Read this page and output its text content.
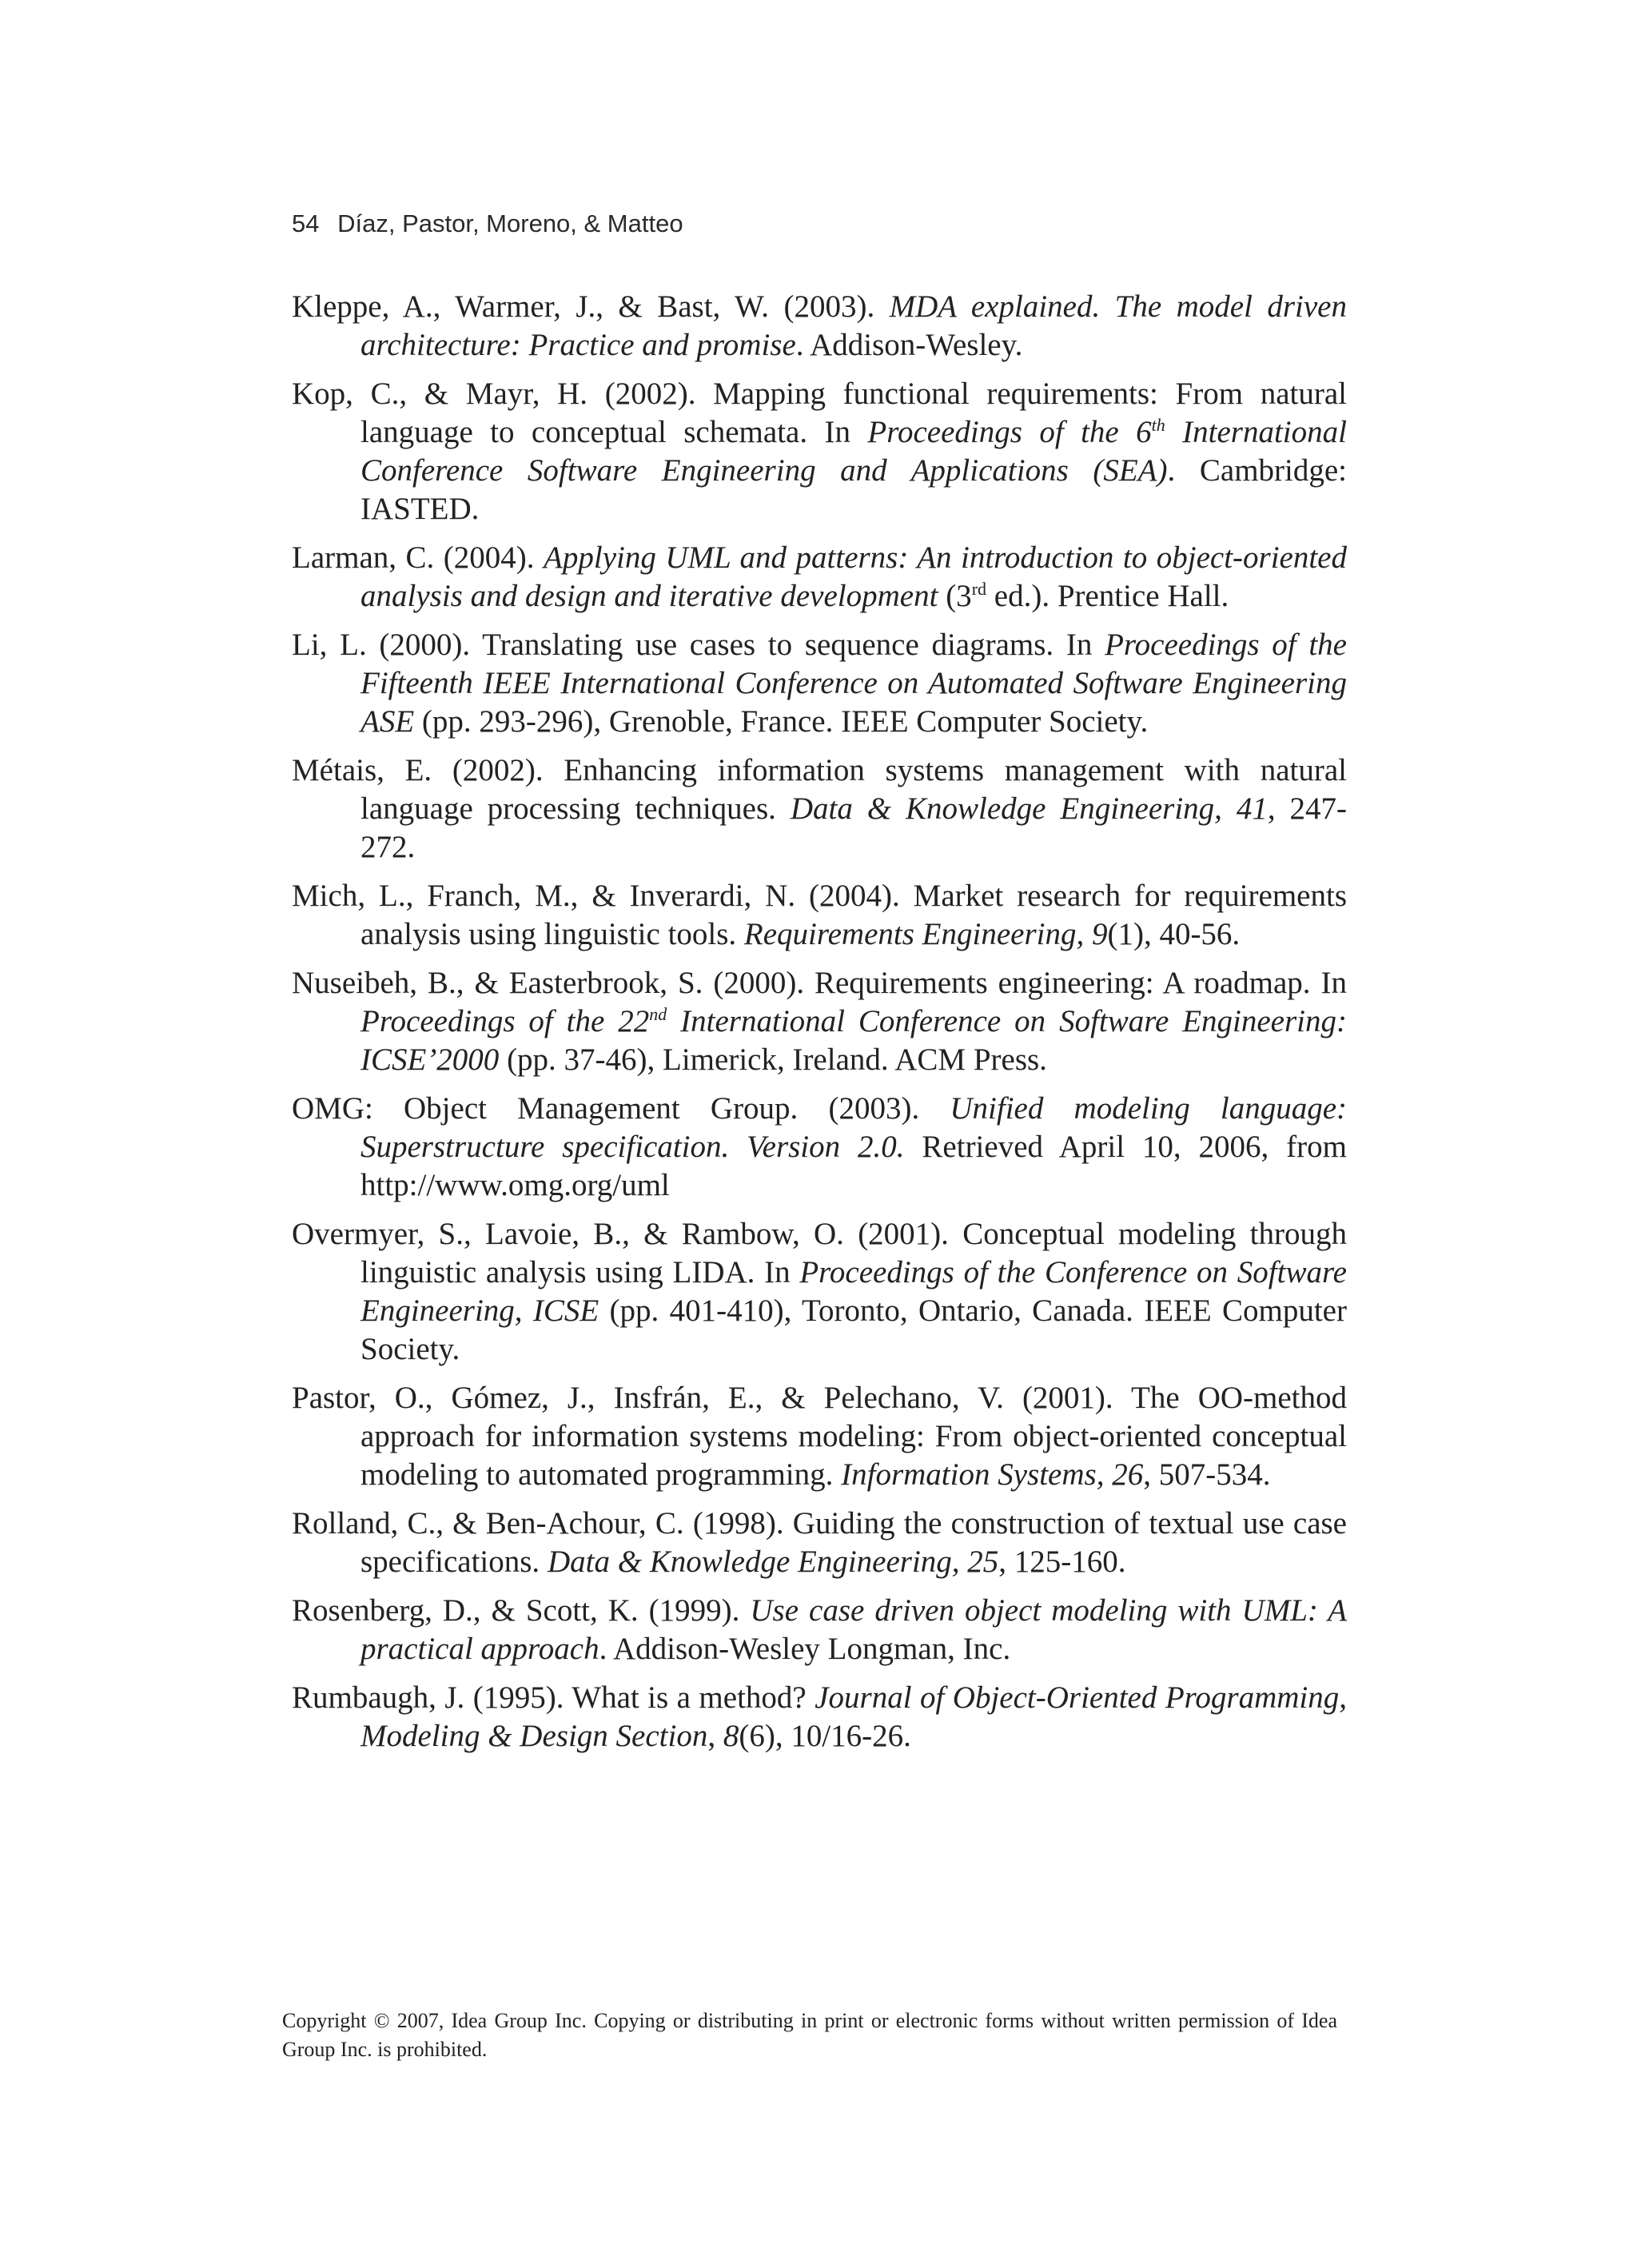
54 Díaz, Pastor, Moreno, & Matteo

Kleppe, A., Warmer, J., & Bast, W. (2003). MDA explained. The model driven architecture: Practice and promise. Addison-Wesley.

Kop, C., & Mayr, H. (2002). Mapping functional requirements: From natural language to conceptual schemata. In Proceedings of the 6th International Conference Software Engineering and Applications (SEA). Cambridge: IASTED.

Larman, C. (2004). Applying UML and patterns: An introduction to object-oriented analysis and design and iterative development (3rd ed.). Prentice Hall.

Li, L. (2000). Translating use cases to sequence diagrams. In Proceedings of the Fifteenth IEEE International Conference on Automated Software Engineering ASE (pp. 293-296), Grenoble, France. IEEE Computer Society.

Métais, E. (2002). Enhancing information systems management with natural language processing techniques. Data & Knowledge Engineering, 41, 247-272.

Mich, L., Franch, M., & Inverardi, N. (2004). Market research for requirements analysis using linguistic tools. Requirements Engineering, 9(1), 40-56.

Nuseibeh, B., & Easterbrook, S. (2000). Requirements engineering: A roadmap. In Proceedings of the 22nd International Conference on Software Engineering: ICSE’2000 (pp. 37-46), Limerick, Ireland. ACM Press.

OMG: Object Management Group. (2003). Unified modeling language: Superstructure specification. Version 2.0. Retrieved April 10, 2006, from http://www.omg.org/uml

Overmyer, S., Lavoie, B., & Rambow, O. (2001). Conceptual modeling through linguistic analysis using LIDA. In Proceedings of the Conference on Software Engineering, ICSE (pp. 401-410), Toronto, Ontario, Canada. IEEE Computer Society.

Pastor, O., Gómez, J., Insfrán, E., & Pelechano, V. (2001). The OO-method approach for information systems modeling: From object-oriented conceptual modeling to automated programming. Information Systems, 26, 507-534.

Rolland, C., & Ben-Achour, C. (1998). Guiding the construction of textual use case specifications. Data & Knowledge Engineering, 25, 125-160.

Rosenberg, D., & Scott, K. (1999). Use case driven object modeling with UML: A practical approach. Addison-Wesley Longman, Inc.

Rumbaugh, J. (1995). What is a method? Journal of Object-Oriented Programming, Modeling & Design Section, 8(6), 10/16-26.

Copyright © 2007, Idea Group Inc. Copying or distributing in print or electronic forms without written permission of Idea Group Inc. is prohibited.
